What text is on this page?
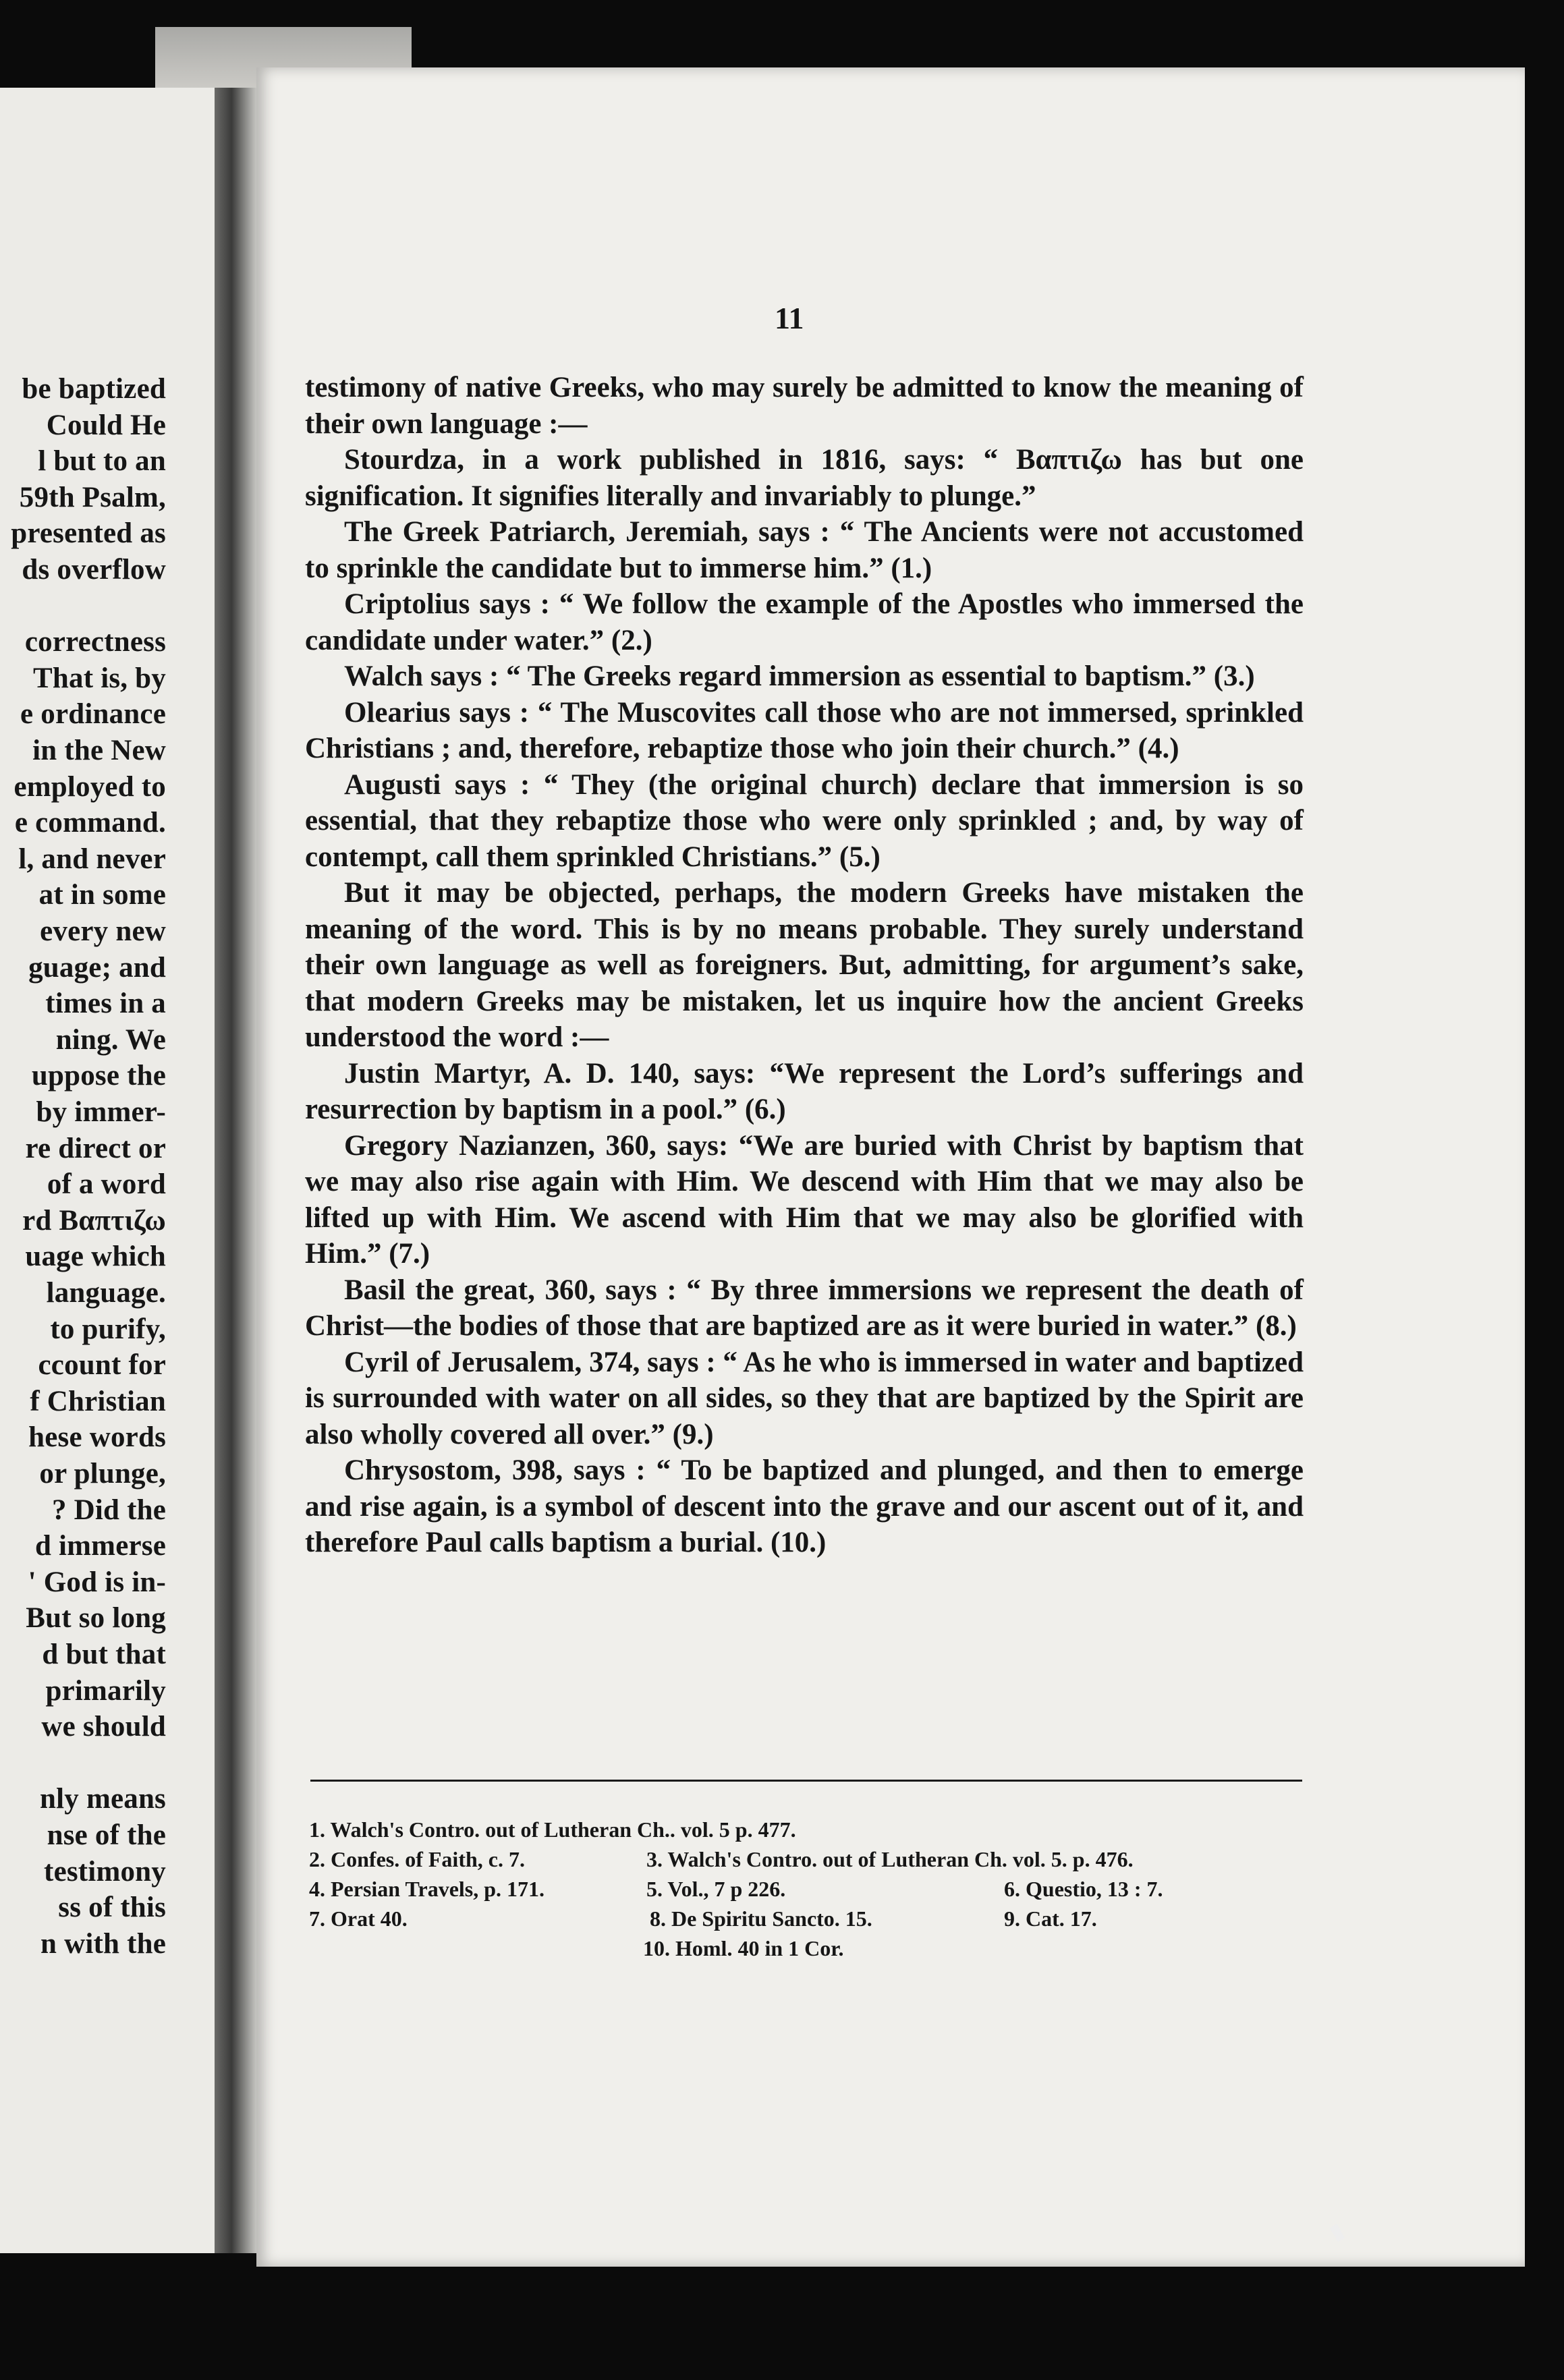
be baptized
Could He
l but to an
59th Psalm,
presented as
ds overflow
correctness
That is, by
e ordinance
in the New
employed to
e command.
l, and never
at in some
every new
guage; and
times in a
ning. We
uppose the
by immer-
re direct or
of a word
rd Βαπτιζω
uage which
language.
to purify,
ccount for
f Christian
hese words
or plunge,
? Did the
d immerse
' God is in-
But so long
d but that
primarily
we should
nly means
nse of the
testimony
ss of this
n with the
11

testimony of native Greeks, who may surely be admitted to know the meaning of their own language :—

Stourdza, in a work published in 1816, says: “ Βαπτιζω has but one signification. It signifies literally and invariably to plunge.”

The Greek Patriarch, Jeremiah, says : “ The Ancients were not accustomed to sprinkle the candidate but to immerse him.” (1.)

Criptolius says : “ We follow the example of the Apostles who immersed the candidate under water.” (2.)

Walch says : “ The Greeks regard immersion as essential to baptism.” (3.)

Olearius says : “ The Muscovites call those who are not immersed, sprinkled Christians ; and, therefore, rebaptize those who join their church.” (4.)

Augusti says : “ They (the original church) declare that immersion is so essential, that they rebaptize those who were only sprinkled ; and, by way of contempt, call them sprinkled Christians.” (5.)

But it may be objected, perhaps, the modern Greeks have mistaken the meaning of the word. This is by no means probable. They surely understand their own language as well as foreigners. But, admitting, for argument’s sake, that modern Greeks may be mistaken, let us inquire how the ancient Greeks understood the word :—

Justin Martyr, A. D. 140, says: “We represent the Lord’s sufferings and resurrection by baptism in a pool.” (6.)

Gregory Nazianzen, 360, says: “We are buried with Christ by baptism that we may also rise again with Him. We descend with Him that we may also be lifted up with Him. We ascend with Him that we may also be glorified with Him.” (7.)

Basil the great, 360, says : “ By three immersions we represent the death of Christ—the bodies of those that are baptized are as it were buried in water.” (8.)

Cyril of Jerusalem, 374, says : “ As he who is immersed in water and baptized is surrounded with water on all sides, so they that are baptized by the Spirit are also wholly covered all over.” (9.)

Chrysostom, 398, says : “ To be baptized and plunged, and then to emerge and rise again, is a symbol of descent into the grave and our ascent out of it, and therefore Paul calls baptism a burial. (10.)

1. Walch's Contro. out of Lutheran Ch.. vol. 5 p. 477.
2. Confes. of Faith, c. 7.	3. Walch's Contro. out of Lutheran Ch. vol. 5. p. 476.
4. Persian Travels, p. 171.	5. Vol., 7 p 226.	6. Questio, 13 : 7.
7. Orat 40.	8. De Spiritu Sancto. 15.	9. Cat. 17.
10. Homl. 40 in 1 Cor.
